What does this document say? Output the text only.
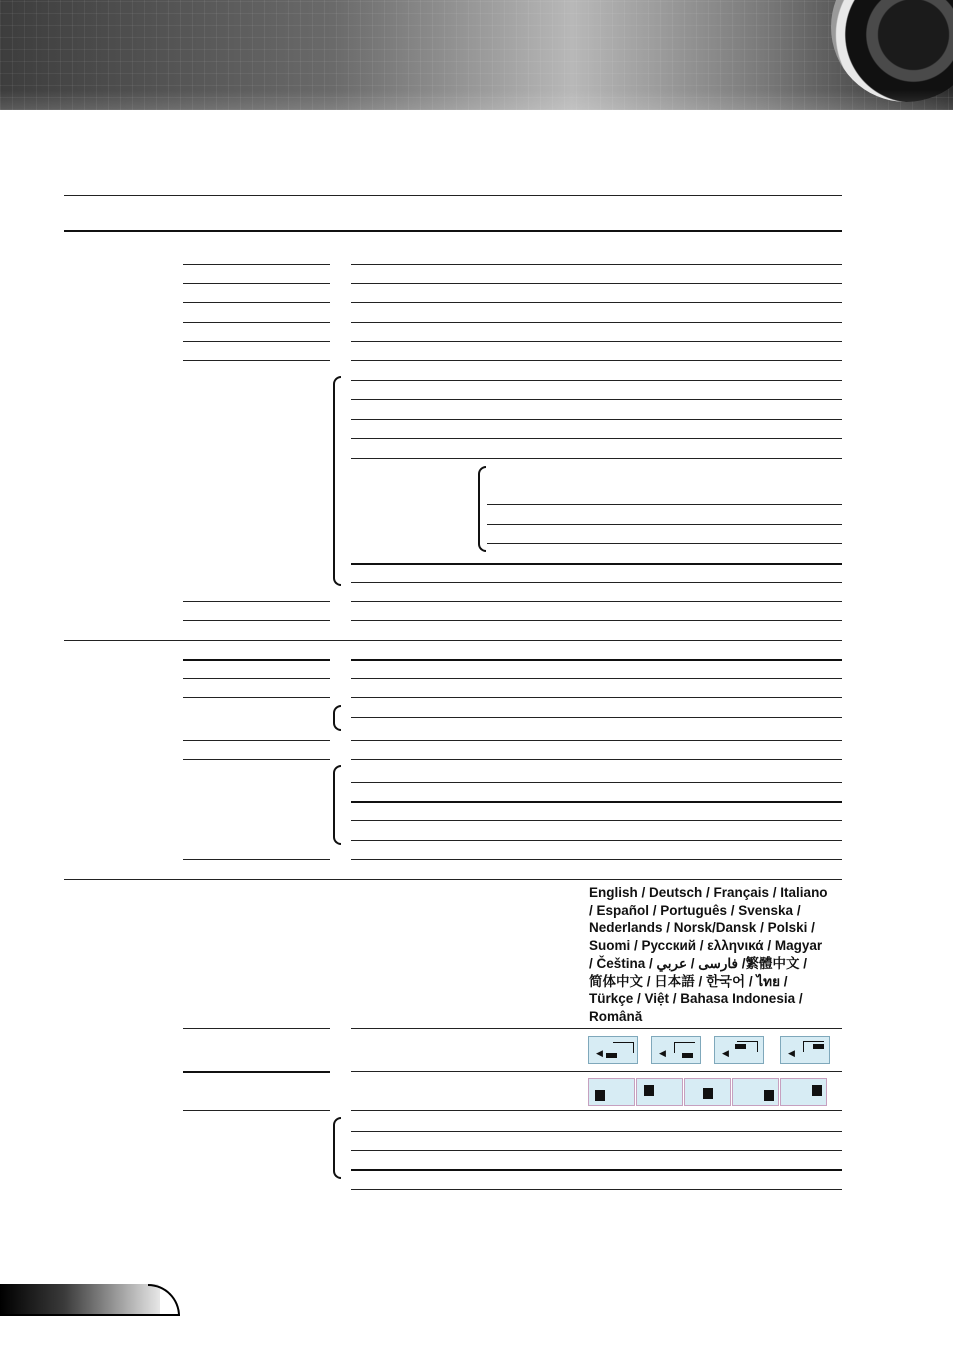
English / Deutsch / Français / Italiano
/ Español / Português / Svenska /
Nederlands / Norsk/Dansk / Polski /
Suomi / Русский / ελληνικά / Magyar
/ Čeština / فارسی / عربي /繁體中文 /
简体中文 / 日本語 / 한국어 / ไทย /
Türkçe / Việt / Bahasa Indonesia /
Română
◀	◀	◀	◀
